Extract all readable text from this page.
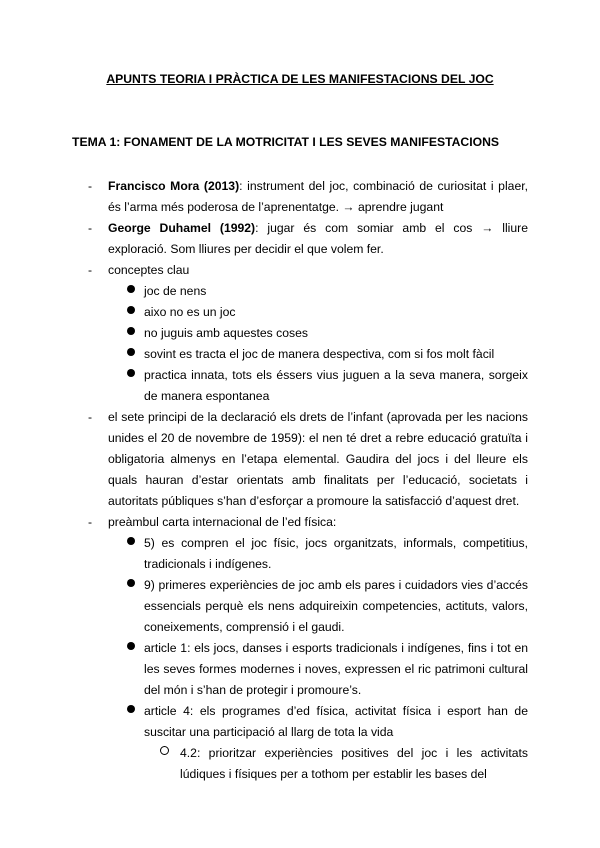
APUNTS TEORIA I PRÀCTICA DE LES MANIFESTACIONS DEL JOC
TEMA 1: FONAMENT DE LA MOTRICITAT I LES SEVES MANIFESTACIONS
- Francisco Mora (2013): instrument del joc, combinació de curiositat i plaer, és l’arma més poderosa de l’aprenentatge. → aprendre jugant
- George Duhamel (1992): jugar és com somiar amb el cos → lliure exploració. Som lliures per decidir el que volem fer.
- conceptes clau
joc de nens
aixo no es un joc
no juguis amb aquestes coses
sovint es tracta el joc de manera despectiva, com si fos molt fàcil
practica innata, tots els éssers vius juguen a la seva manera, sorgeix de manera espontanea
- el sete principi de la declaració els drets de l’infant (aprovada per les nacions unides el 20 de novembre de 1959): el nen té dret a rebre educació gratuïta i obligatoria almenys en l’etapa elemental. Gaudira del jocs i del lleure els quals hauran d’estar orientats amb finalitats per l’educació, societats i autoritats públiques s’han d’esforçar a promoure la satisfacció d’aquest dret.
- preàmbul carta internacional de l’ed física:
5) es compren el joc físic, jocs organitzats, informals, competitius, tradicionals i indígenes.
9) primeres experiències de joc amb els pares i cuidadors vies d’accés essencials perquè els nens adquireixin competencies, actituts, valors, coneixements, comprensió i el gaudi.
article 1: els jocs, danses i esports tradicionals i indígenes, fins i tot en les seves formes modernes i noves, expressen el ric patrimoni cultural del món i s’han de protegir i promoure’s.
article 4: els programes d’ed física, activitat física i esport han de suscitar una participació al llarg de tota la vida
4.2: prioritzar experiències positives del joc i les activitats lúdiques i físiques per a tothom per establir les bases del
